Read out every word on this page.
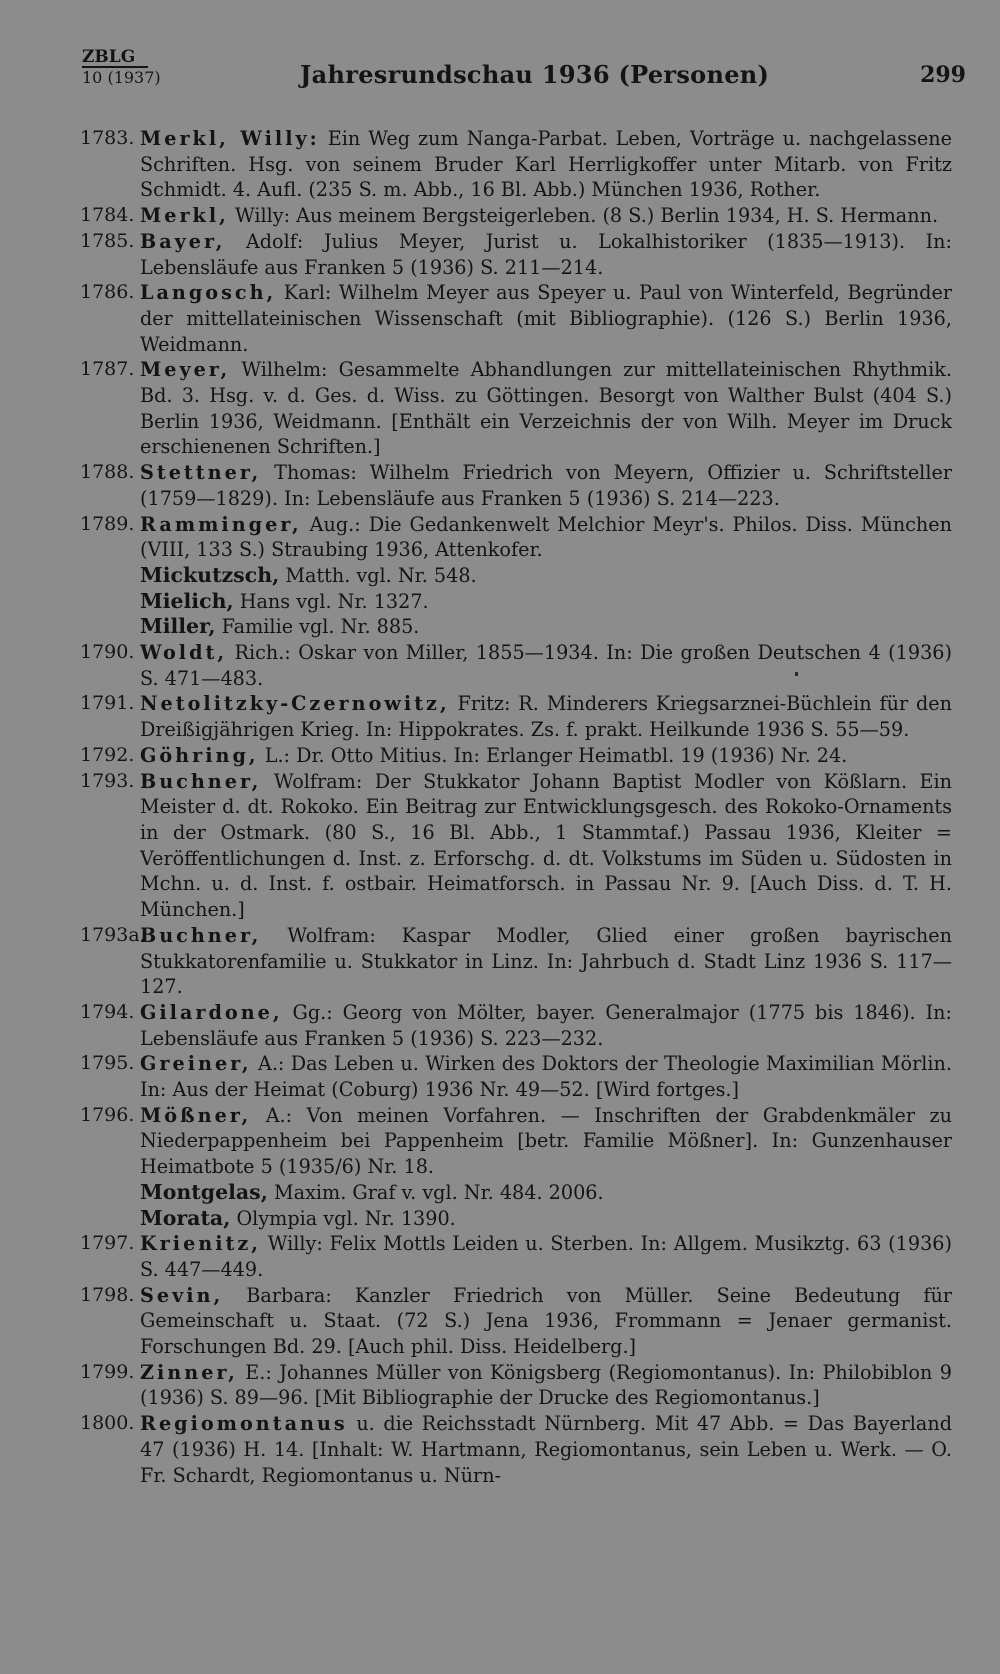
ZBLG
10 (1937)	Jahresrundschau 1936 (Personen)	299
1783. Merkl, Willy: Ein Weg zum Nanga-Parbat. Leben, Vorträge u. nachgelassene Schriften. Hsg. von seinem Bruder Karl Herrligkoffer unter Mitarb. von Fritz Schmidt. 4. Aufl. (235 S. m. Abb., 16 Bl. Abb.) München 1936, Rother.
1784. Merkl, Willy: Aus meinem Bergsteigerleben. (8 S.) Berlin 1934, H. S. Hermann.
1785. Bayer, Adolf: Julius Meyer, Jurist u. Lokalhistoriker (1835—1913). In: Lebensläufe aus Franken 5 (1936) S. 211—214.
1786. Langosch, Karl: Wilhelm Meyer aus Speyer u. Paul von Winterfeld, Begründer der mittellateinischen Wissenschaft (mit Bibliographie). (126 S.) Berlin 1936, Weidmann.
1787. Meyer, Wilhelm: Gesammelte Abhandlungen zur mittellateinischen Rhythmik. Bd. 3. Hsg. v. d. Ges. d. Wiss. zu Göttingen. Besorgt von Walther Bulst (404 S.) Berlin 1936, Weidmann. [Enthält ein Verzeichnis der von Wilh. Meyer im Druck erschienenen Schriften.]
1788. Stettner, Thomas: Wilhelm Friedrich von Meyern, Offizier u. Schriftsteller (1759—1829). In: Lebensläufe aus Franken 5 (1936) S. 214—223.
1789. Ramminger, Aug.: Die Gedankenwelt Melchior Meyr's. Philos. Diss. München (VIII, 133 S.) Straubing 1936, Attenkofer.
Mickutzsch, Matth. vgl. Nr. 548.
Mielich, Hans vgl. Nr. 1327.
Miller, Familie vgl. Nr. 885.
1790. Woldt, Rich.: Oskar von Miller, 1855—1934. In: Die großen Deutschen 4 (1936) S. 471—483.
1791. Netolitzky-Czernowitz, Fritz: R. Minderers Kriegsarznei-Büchlein für den Dreißigjährigen Krieg. In: Hippokrates. Zs. f. prakt. Heilkunde 1936 S. 55—59.
1792. Göhring, L.: Dr. Otto Mitius. In: Erlanger Heimatbl. 19 (1936) Nr. 24.
1793. Buchner, Wolfram: Der Stukkator Johann Baptist Modler von Kößlarn. Ein Meister d. dt. Rokoko. Ein Beitrag zur Entwicklungsgesch. des Rokoko-Ornaments in der Ostmark. (80 S., 16 Bl. Abb., 1 Stammtaf.) Passau 1936, Kleiter = Veröffentlichungen d. Inst. z. Erforschg. d. dt. Volkstums im Süden u. Südosten in Mchn. u. d. Inst. f. ostbair. Heimatforsch. in Passau Nr. 9. [Auch Diss. d. T. H. München.]
1793a.
Buchner, Wolfram: Kaspar Modler, Glied einer großen bayrischen Stukkatorenfamilie u. Stukkator in Linz. In: Jahrbuch d. Stadt Linz 1936 S. 117—127.
1794. Gilardone, Gg.: Georg von Mölter, bayer. Generalmajor (1775 bis 1846). In: Lebensläufe aus Franken 5 (1936) S. 223—232.
1795. Greiner, A.: Das Leben u. Wirken des Doktors der Theologie Maximilian Mörlin. In: Aus der Heimat (Coburg) 1936 Nr. 49—52. [Wird fortges.]
1796. Mößner, A.: Von meinen Vorfahren. — Inschriften der Grabdenkmäler zu Niederpappenheim bei Pappenheim [betr. Familie Mößner]. In: Gunzenhauser Heimatbote 5 (1935/6) Nr. 18.
Montgelas, Maxim. Graf v. vgl. Nr. 484. 2006.
Morata, Olympia vgl. Nr. 1390.
1797. Krienitz, Willy: Felix Mottls Leiden u. Sterben. In: Allgem. Musikztg. 63 (1936) S. 447—449.
1798. Sevin, Barbara: Kanzler Friedrich von Müller. Seine Bedeutung für Gemeinschaft u. Staat. (72 S.) Jena 1936, Frommann = Jenaer germanist. Forschungen Bd. 29. [Auch phil. Diss. Heidelberg.]
1799. Zinner, E.: Johannes Müller von Königsberg (Regiomontanus). In: Philobiblon 9 (1936) S. 89—96. [Mit Bibliographie der Drucke des Regiomontanus.]
1800. Regiomontanus u. die Reichsstadt Nürnberg. Mit 47 Abb. = Das Bayerland 47 (1936) H. 14. [Inhalt: W. Hartmann, Regiomontanus, sein Leben u. Werk. — O. Fr. Schardt, Regiomontanus u. Nürn-
